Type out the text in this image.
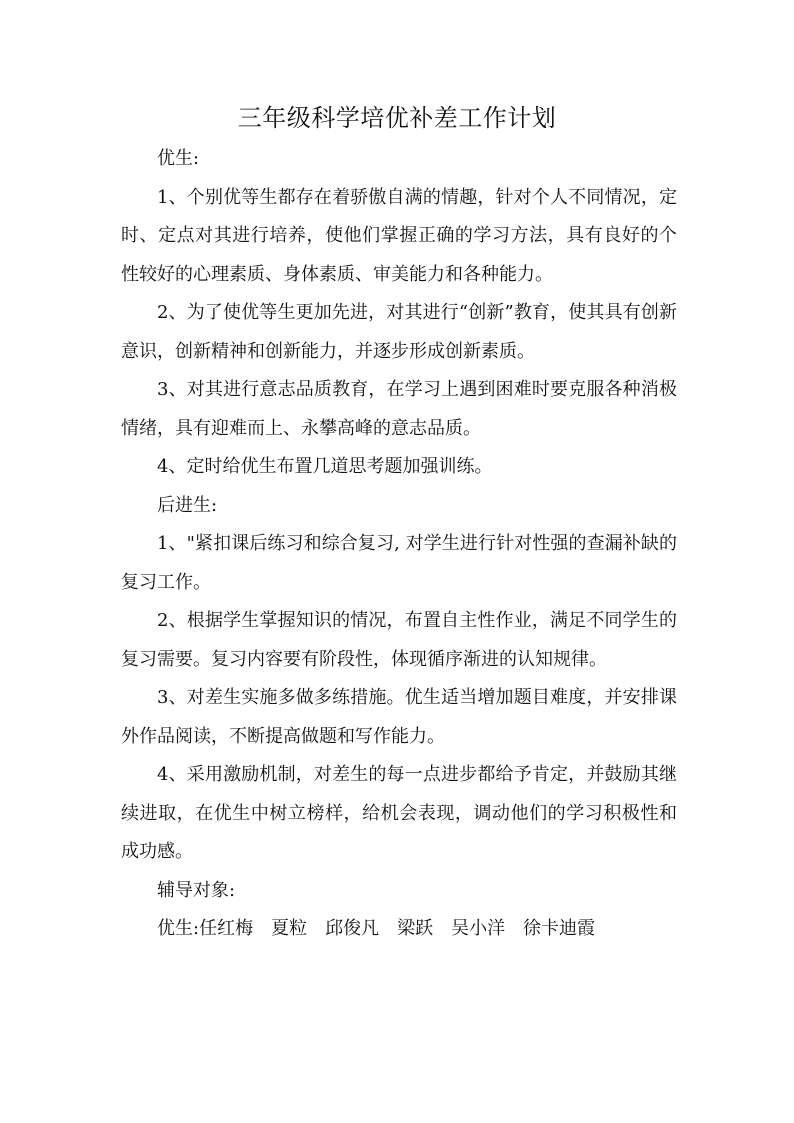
三年级科学培优补差工作计划

优生:

1、个别优等生都存在着骄傲自满的情趣，针对个人不同情况，定时、定点对其进行培养，使他们掌握正确的学习方法，具有良好的个性较好的心理素质、身体素质、审美能力和各种能力。

2、为了使优等生更加先进，对其进行“创新”教育，使其具有创新意识，创新精神和创新能力，并逐步形成创新素质。

3、对其进行意志品质教育，在学习上遇到困难时要克服各种消极情绪，具有迎难而上、永攀高峰的意志品质。

4、定时给优生布置几道思考题加强训练。

后进生:

1、"紧扣课后练习和综合复习, 对学生进行针对性强的查漏补缺的复习工作。

2、根据学生掌握知识的情况，布置自主性作业，满足不同学生的复习需要。复习内容要有阶段性，体现循序渐进的认知规律。

3、对差生实施多做多练措施。优生适当增加题目难度，并安排课外作品阅读，不断提高做题和写作能力。

4、采用激励机制，对差生的每一点进步都给予肯定，并鼓励其继续进取，在优生中树立榜样，给机会表现，调动他们的学习积极性和成功感。

辅导对象:

优生:任红梅　夏粒　邱俊凡　梁跃　吴小洋　徐卡迪霞
